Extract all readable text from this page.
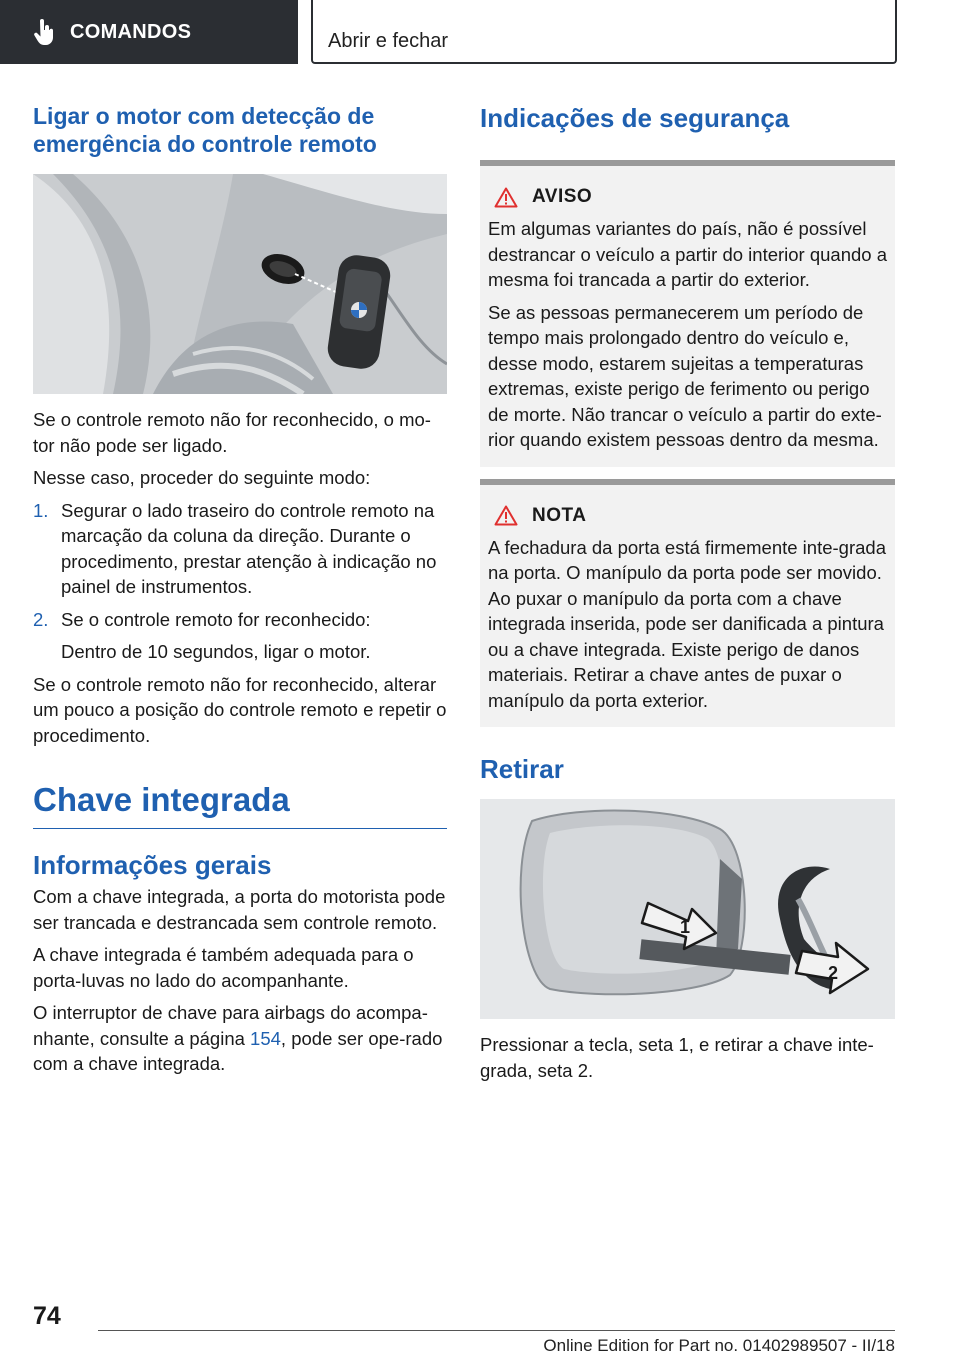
COMANDOS	Abrir e fechar
Ligar o motor com detecção de emergência do controle remoto

Se o controle remoto não for reconhecido, o mo-tor não pode ser ligado.

Nesse caso, proceder do seguinte modo:

1. Segurar o lado traseiro do controle remoto na marcação da coluna da direção. Durante o procedimento, prestar atenção à indicação no painel de instrumentos.
2. Se o controle remoto for reconhecido:

Dentro de 10 segundos, ligar o motor.

Se o controle remoto não for reconhecido, alterar um pouco a posição do controle remoto e repetir o procedimento.

Chave integrada
Informações gerais

Com a chave integrada, a porta do motorista pode ser trancada e destrancada sem controle remoto.

A chave integrada é também adequada para o porta-luvas no lado do acompanhante.

O interruptor de chave para airbags do acompa-nhante, consulte a página 154, pode ser ope-rado com a chave integrada.

Indicações de segurança
AVISO

Em algumas variantes do país, não é possível destrancar o veículo a partir do interior quando a mesma foi trancada a partir do exterior.

Se as pessoas permanecerem um período de tempo mais prolongado dentro do veículo e, desse modo, estarem sujeitas a temperaturas extremas, existe perigo de ferimento ou perigo de morte. Não trancar o veículo a partir do exte-rior quando existem pessoas dentro da mesma.

NOTA

A fechadura da porta está firmemente inte-grada na porta. O manípulo da porta pode ser movido. Ao puxar o manípulo da porta com a chave integrada inserida, pode ser danificada a pintura ou a chave integrada. Existe perigo de danos materiais. Retirar a chave antes de puxar o manípulo da porta exterior.

Retirar
1
2

Pressionar a tecla, seta 1, e retirar a chave inte-grada, seta 2.

74
Online Edition for Part no. 01402989507 - II/18
